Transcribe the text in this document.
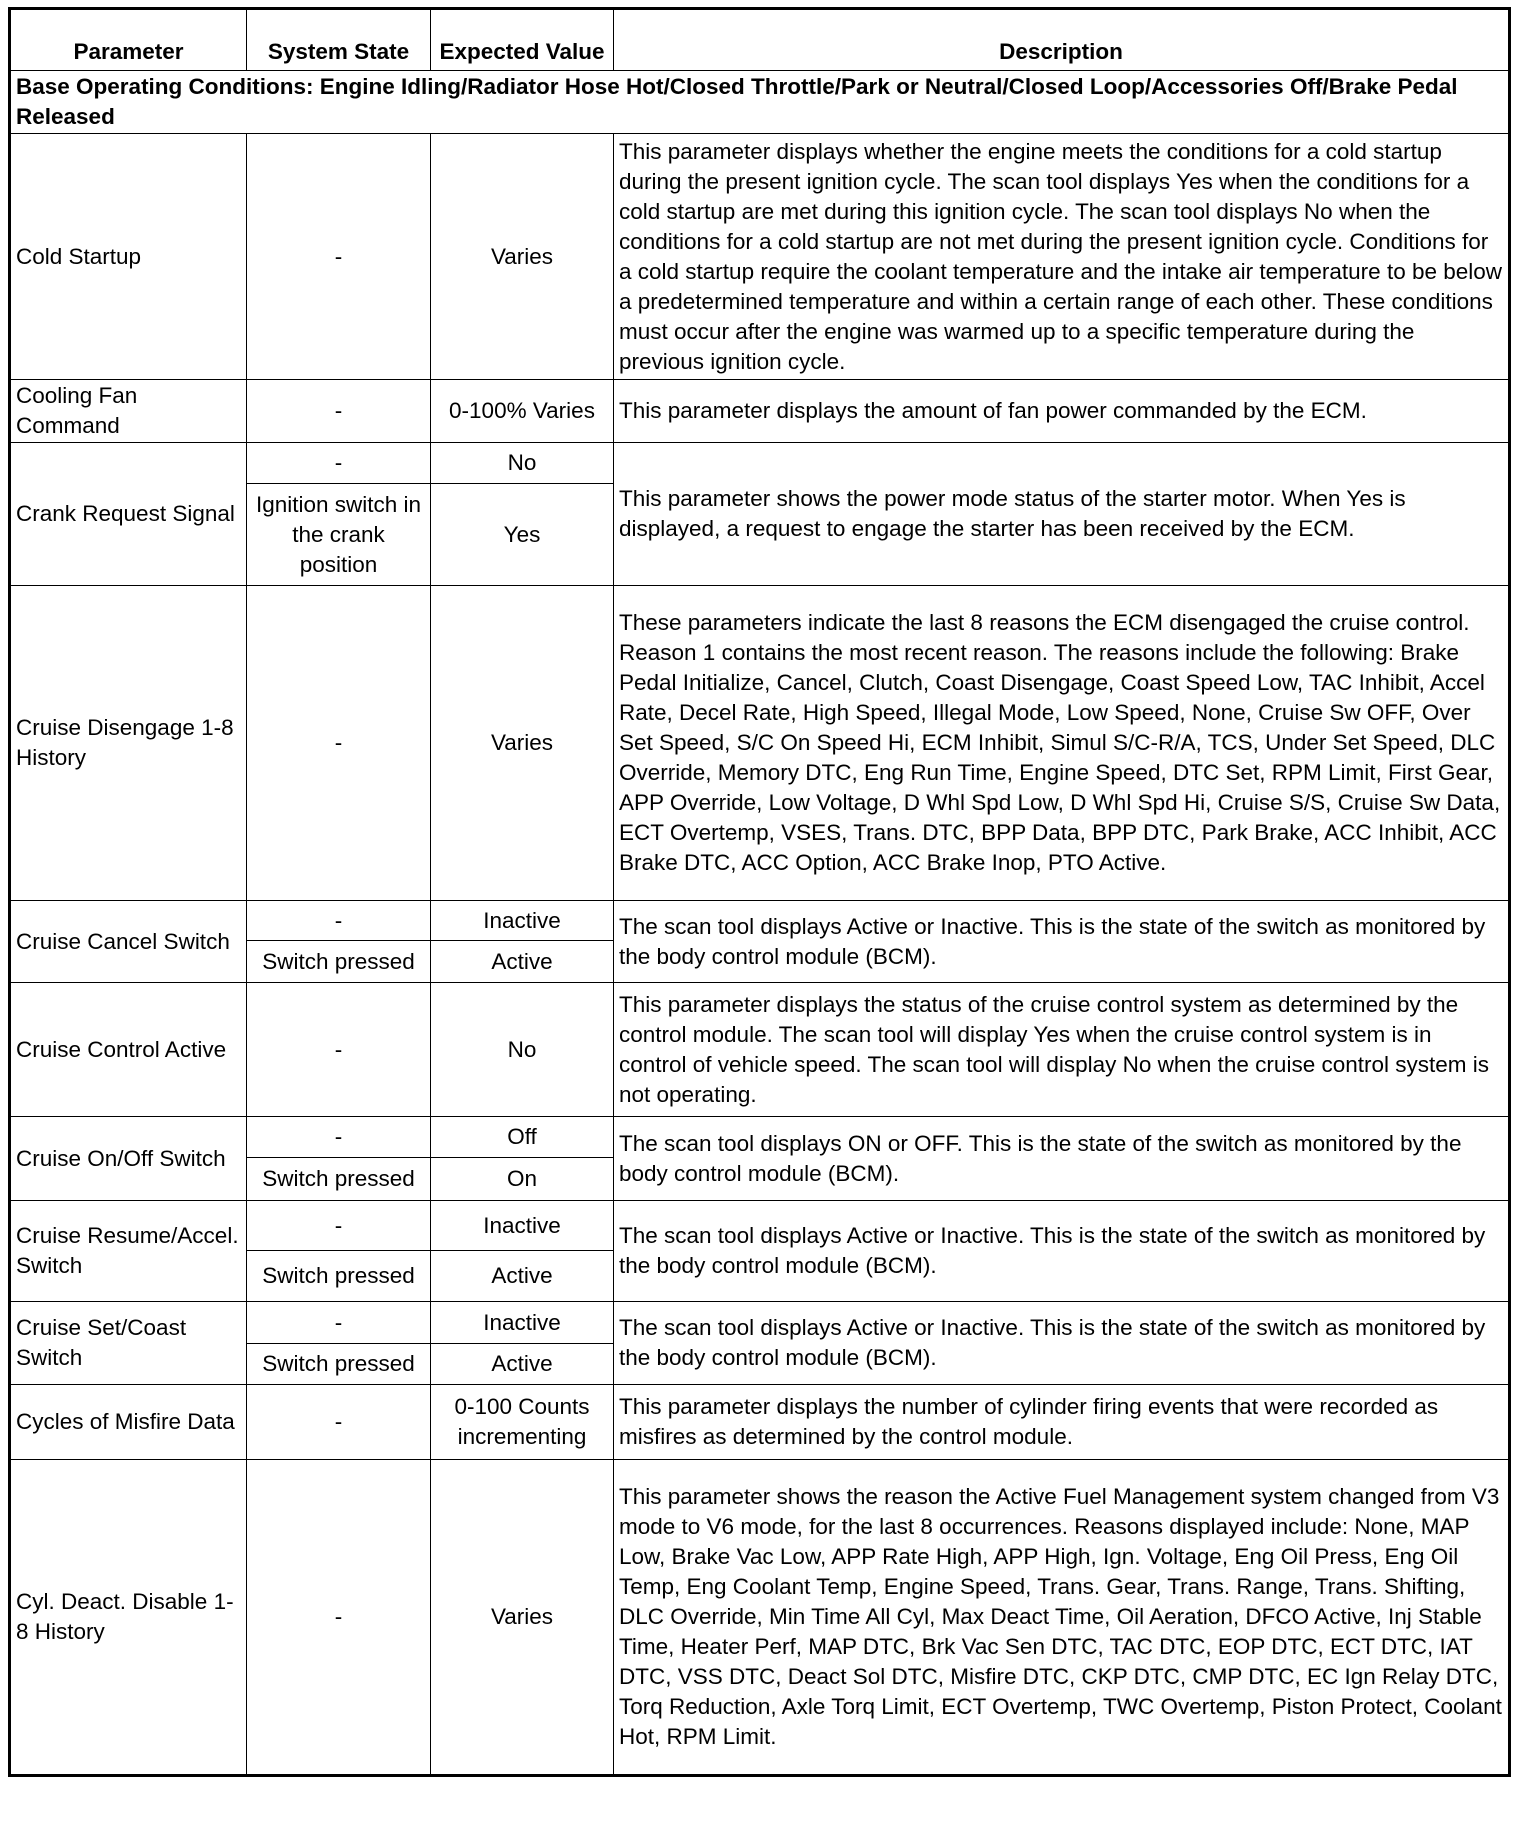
Parameter	System State	Expected Value	Description
Base Operating Conditions: Engine Idling/Radiator Hose Hot/Closed Throttle/Park or Neutral/Closed Loop/Accessories Off/Brake Pedal Released			
Cold Startup	-	Varies	This parameter displays whether the engine meets the conditions for a cold startup during the present ignition cycle. The scan tool displays Yes when the conditions for a cold startup are met during this ignition cycle. The scan tool displays No when the conditions for a cold startup are not met during the present ignition cycle. Conditions for a cold startup require the coolant temperature and the intake air temperature to be below a predetermined temperature and within a certain range of each other. These conditions must occur after the engine was warmed up to a specific temperature during the previous ignition cycle.
Cooling Fan Command	-	0-100% Varies	This parameter displays the amount of fan power commanded by the ECM.
Crank Request Signal	-	No	This parameter shows the power mode status of the starter motor. When Yes is displayed, a request to engage the starter has been received by the ECM.
	Ignition switch in the crank position	Yes	
Cruise Disengage 1-8 History	-	Varies	These parameters indicate the last 8 reasons the ECM disengaged the cruise control. Reason 1 contains the most recent reason. The reasons include the following: Brake Pedal Initialize, Cancel, Clutch, Coast Disengage, Coast Speed Low, TAC Inhibit, Accel Rate, Decel Rate, High Speed, Illegal Mode, Low Speed, None, Cruise Sw OFF, Over Set Speed, S/C On Speed Hi, ECM Inhibit, Simul S/C-R/A, TCS, Under Set Speed, DLC Override, Memory DTC, Eng Run Time, Engine Speed, DTC Set, RPM Limit, First Gear, APP Override, Low Voltage, D Whl Spd Low, D Whl Spd Hi, Cruise S/S, Cruise Sw Data, ECT Overtemp, VSES, Trans. DTC, BPP Data, BPP DTC, Park Brake, ACC Inhibit, ACC Brake DTC, ACC Option, ACC Brake Inop, PTO Active.
Cruise Cancel Switch	-	Inactive	The scan tool displays Active or Inactive. This is the state of the switch as monitored by the body control module (BCM).
	Switch pressed	Active	
Cruise Control Active	-	No	This parameter displays the status of the cruise control system as determined by the control module. The scan tool will display Yes when the cruise control system is in control of vehicle speed. The scan tool will display No when the cruise control system is not operating.
Cruise On/Off Switch	-	Off	The scan tool displays ON or OFF. This is the state of the switch as monitored by the body control module (BCM).
	Switch pressed	On	
Cruise Resume/Accel. Switch	-	Inactive	The scan tool displays Active or Inactive. This is the state of the switch as monitored by the body control module (BCM).
	Switch pressed	Active	
Cruise Set/Coast Switch	-	Inactive	The scan tool displays Active or Inactive. This is the state of the switch as monitored by the body control module (BCM).
	Switch pressed	Active	
Cycles of Misfire Data	-	0-100 Counts incrementing	This parameter displays the number of cylinder firing events that were recorded as misfires as determined by the control module.
Cyl. Deact. Disable 1-8 History	-	Varies	This parameter shows the reason the Active Fuel Management system changed from V3 mode to V6 mode, for the last 8 occurrences. Reasons displayed include: None, MAP Low, Brake Vac Low, APP Rate High, APP High, Ign. Voltage, Eng Oil Press, Eng Oil Temp, Eng Coolant Temp, Engine Speed, Trans. Gear, Trans. Range, Trans. Shifting, DLC Override, Min Time All Cyl, Max Deact Time, Oil Aeration, DFCO Active, Inj Stable Time, Heater Perf, MAP DTC, Brk Vac Sen DTC, TAC DTC, EOP DTC, ECT DTC, IAT DTC, VSS DTC, Deact Sol DTC, Misfire DTC, CKP DTC, CMP DTC, EC Ign Relay DTC, Torq Reduction, Axle Torq Limit, ECT Overtemp, TWC Overtemp, Piston Protect, Coolant Hot, RPM Limit.
